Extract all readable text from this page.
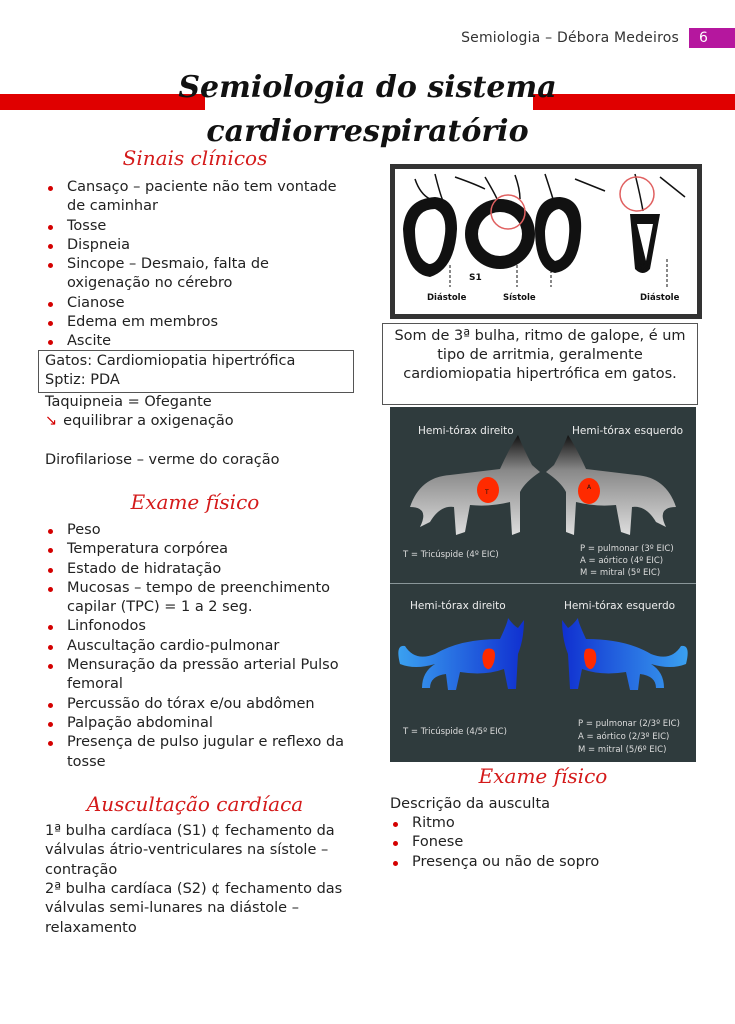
Semiologia – Débora Medeiros	6
Semiologia do sistema
cardiorrespiratório
Sinais clínicos
Cansaço – paciente não tem vontade de caminhar
Tosse
Dispneia
Sincope – Desmaio, falta de oxigenação no cérebro
Cianose
Edema em membros
Ascite
Gatos: Cardiomiopatia hipertrófica
Sptiz: PDA
Taquipneia = Ofegante
↘ equilibrar a oxigenação
Dirofilariose – verme do coração
Exame físico
Peso
Temperatura corpórea
Estado de hidratação
Mucosas – tempo de preenchimento capilar (TPC) = 1 a 2 seg.
Linfonodos
Auscultação cardio-pulmonar
Mensuração da pressão arterial Pulso femoral
Percussão do tórax e/ou abdômen
Palpação abdominal
Presença de pulso jugular e reflexo da tosse
Auscultação cardíaca
1ª bulha cardíaca (S1) ¢ fechamento da válvulas átrio-ventriculares na sístole – contração
2ª bulha cardíaca (S2) ¢ fechamento das válvulas semi-lunares na diástole – relaxamento
S1
S2
Diástole	Sístole	Diástole
Som de 3ª bulha, ritmo de galope, é um tipo de arritmia, geralmente cardiomiopatia hipertrófica em gatos.
Hemi-tórax direito	Hemi-tórax esquerdo
T
A
T = Tricúspide (4º EIC)
P = pulmonar (3º EIC)
A = aórtico (4º EIC)
M = mitral (5º EIC)
Hemi-tórax direito	Hemi-tórax esquerdo
T = Tricúspide (4/5º EIC)
P = pulmonar (2/3º EIC)
A = aórtico (2/3º EIC)
M = mitral (5/6º EIC)
Exame físico
Descrição da ausculta
Ritmo
Fonese
Presença ou não de sopro
